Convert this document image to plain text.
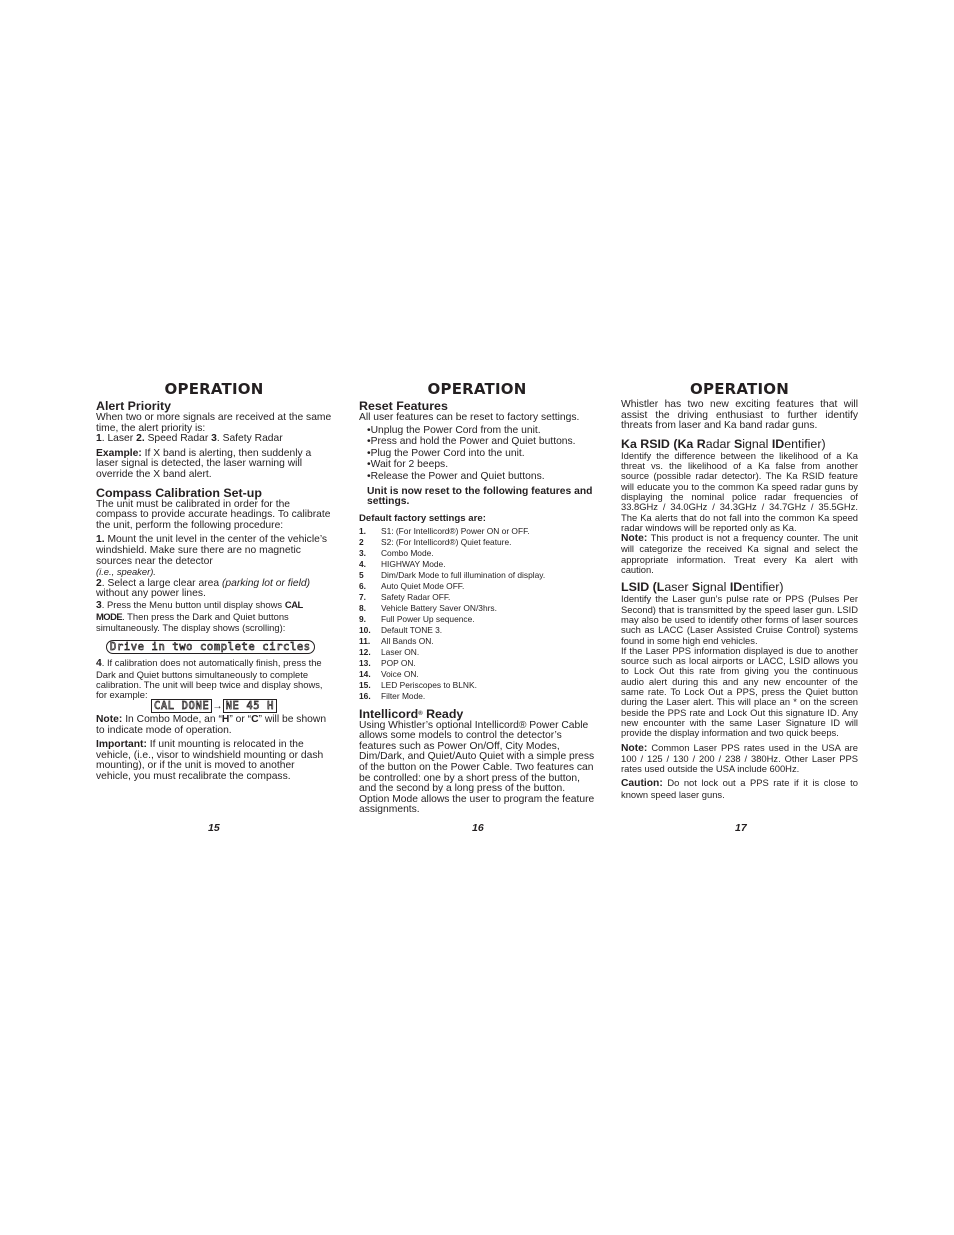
OPERATION
Alert Priority

When two or more signals are received at the same time, the alert priority is:

1. Laser 2. Speed Radar 3. Safety Radar

Example: If X band is alerting, then suddenly a laser signal is detected, the laser warning will override the X band alert.

Compass Calibration Set-up

The unit must be calibrated in order for the compass to provide accurate headings. To calibrate the unit, perform the following procedure:

1. Mount the unit level in the center of the vehicle’s windshield. Make sure there are no magnetic sources near the detector
(i.e., speaker).

2. Select a large clear area (parking lot or field) without any power lines.

3. Press the Menu button until display shows CAL MODE. Then press the Dark and Quiet buttons simultaneously. The display shows (scrolling):

Drive in two complete circles

4. If calibration does not automatically finish, press the Dark and Quiet buttons simultaneously to complete calibration. The unit will beep twice and display shows, for example:

CAL DONE → NE 45 H

Note: In Combo Mode, an “H” or “C” will be shown to indicate mode of operation.

Important: If unit mounting is relocated in the vehicle, (i.e., visor to windshield mounting or dash mounting), or if the unit is moved to another vehicle, you must recalibrate the compass.

OPERATION
Reset Features

All user features can be reset to factory settings.

•Unplug the Power Cord from the unit.
•Press and hold the Power and Quiet buttons.
•Plug the Power Cord into the unit.
•Wait for 2 beeps.
•Release the Power and Quiet buttons.

Unit is now reset to the following features and settings.

Default factory settings are:

1.	S1: (For Intellicord®) Power ON or OFF.
2	S2: (For Intellicord®) Quiet feature.
3.	Combo Mode.
4.	HIGHWAY Mode.
5	Dim/Dark Mode to full illumination of display.
6.	Auto Quiet Mode OFF.
7.	Safety Radar OFF.
8.	Vehicle Battery Saver ON/3hrs.
9.	Full Power Up sequence.
10.	Default TONE 3.
11.	All Bands ON.
12.	Laser ON.
13.	POP ON.
14.	Voice ON.
15.	LED Periscopes to BLNK.
16.	Filter Mode.
Intellicord® Ready

Using Whistler’s optional Intellicord® Power Cable allows some models to control the detector’s features such as Power On/Off, City Modes, Dim/Dark, and Quiet/Auto Quiet with a simple press of the button on the Power Cable. Two features can be controlled: one by a short press of the button, and the second by a long press of the button. Option Mode allows the user to program the feature assignments.

OPERATION

Whistler has two new exciting features that will assist the driving enthusiast to further identify threats from laser and Ka band radar guns.

Ka RSID (Ka Radar Signal IDentifier)

Identify the difference between the likelihood of a Ka threat vs. the likelihood of a Ka false from another source (possible radar detector). The Ka RSID feature will educate you to the common Ka speed radar guns by displaying the nominal police radar frequencies of 33.8GHz / 34.0GHz / 34.3GHz / 34.7GHz / 35.5GHz. The Ka alerts that do not fall into the common Ka speed radar windows will be reported only as Ka.

Note: This product is not a frequency counter. The unit will categorize the received Ka signal and select the appropriate information. Treat every Ka alert with caution.

LSID (Laser Signal IDentifier)

Identify the Laser gun’s pulse rate or PPS (Pulses Per Second) that is transmitted by the speed laser gun. LSID may also be used to identify other forms of laser sources such as LACC (Laser Assisted Cruise Control) systems found in some high end vehicles.

If the Laser PPS information displayed is due to another source such as local airports or LACC, LSID allows you to Lock Out this rate from giving you the continuous audio alert during this and any new encounter of the same rate. To Lock Out a PPS, press the Quiet button during the Laser alert. This will place an * on the screen beside the PPS rate and Lock Out this signature ID. Any new encounter with the same Laser Signature ID will provide the display information and two quick beeps.

Note: Common Laser PPS rates used in the USA are 100 / 125 / 130 / 200 / 238 / 380Hz. Other Laser PPS rates used outside the USA include 600Hz.

Caution: Do not lock out a PPS rate if it is close to known speed laser guns.

15	16	17
